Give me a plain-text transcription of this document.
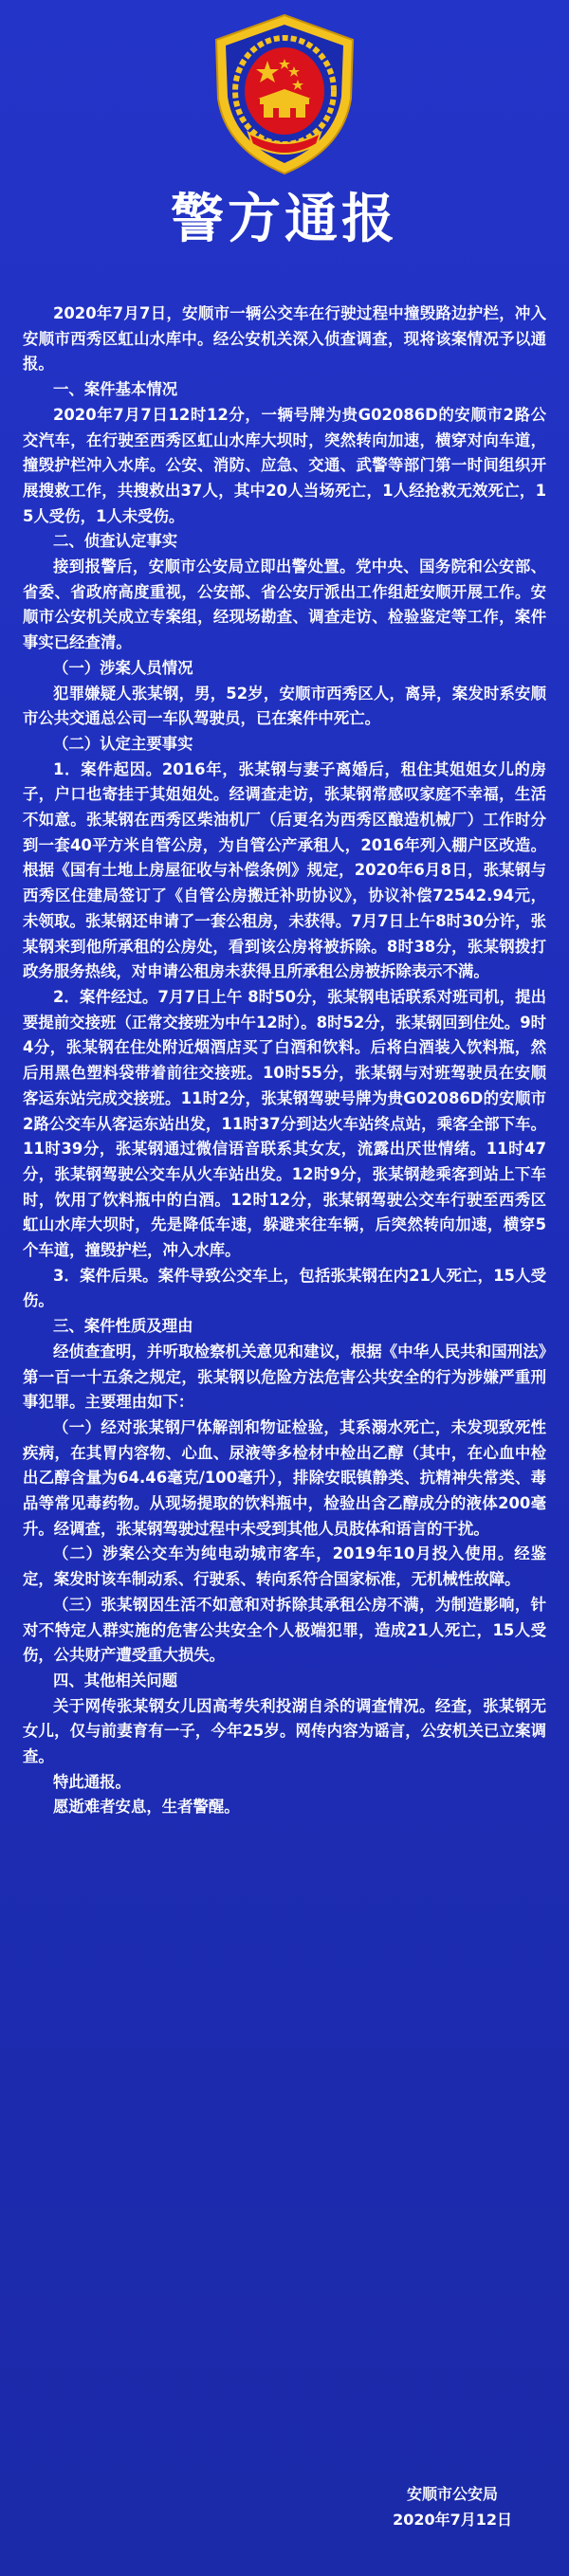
警方通报

2020年7月7日，安顺市一辆公交车在行驶过程中撞毁路边护栏，冲入安顺市西秀区虹山水库中。经公安机关深入侦查调查，现将该案情况予以通报。

一、案件基本情况

2020年7月7日12时12分，一辆号牌为贵G02086D的安顺市2路公交汽车，在行驶至西秀区虹山水库大坝时，突然转向加速，横穿对向车道，撞毁护栏冲入水库。公安、消防、应急、交通、武警等部门第一时间组织开展搜救工作，共搜救出37人，其中20人当场死亡，1人经抢救无效死亡，15人受伤，1人未受伤。

二、侦查认定事实

接到报警后，安顺市公安局立即出警处置。党中央、国务院和公安部、省委、省政府高度重视，公安部、省公安厅派出工作组赶安顺开展工作。安顺市公安机关成立专案组，经现场勘查、调查走访、检验鉴定等工作，案件事实已经查清。

（一）涉案人员情况

犯罪嫌疑人张某钢，男，52岁，安顺市西秀区人，离异，案发时系安顺市公共交通总公司一车队驾驶员，已在案件中死亡。

（二）认定主要事实

1．案件起因。2016年，张某钢与妻子离婚后，租住其姐姐女儿的房子，户口也寄挂于其姐姐处。经调查走访，张某钢常感叹家庭不幸福，生活不如意。张某钢在西秀区柴油机厂（后更名为西秀区酿造机械厂）工作时分到一套40平方米自管公房，为自管公产承租人，2016年列入棚户区改造。根据《国有土地上房屋征收与补偿条例》规定，2020年6月8日，张某钢与西秀区住建局签订了《自管公房搬迁补助协议》，协议补偿72542.94元，未领取。张某钢还申请了一套公租房，未获得。7月7日上午8时30分许，张某钢来到他所承租的公房处，看到该公房将被拆除。8时38分，张某钢拨打政务服务热线，对申请公租房未获得且所承租公房被拆除表示不满。

2．案件经过。7月7日上午 8时50分，张某钢电话联系对班司机，提出要提前交接班（正常交接班为中午12时）。8时52分，张某钢回到住处。9时4分，张某钢在住处附近烟酒店买了白酒和饮料。后将白酒装入饮料瓶，然后用黑色塑料袋带着前往交接班。10时55分，张某钢与对班驾驶员在安顺客运东站完成交接班。11时2分，张某钢驾驶号牌为贵G02086D的安顺市2路公交车从客运东站出发，11时37分到达火车站终点站，乘客全部下车。11时39分，张某钢通过微信语音联系其女友，流露出厌世情绪。11时47分，张某钢驾驶公交车从火车站出发。12时9分，张某钢趁乘客到站上下车时，饮用了饮料瓶中的白酒。12时12分，张某钢驾驶公交车行驶至西秀区虹山水库大坝时，先是降低车速，躲避来往车辆，后突然转向加速，横穿5个车道，撞毁护栏，冲入水库。

3．案件后果。案件导致公交车上，包括张某钢在内21人死亡，15人受伤。

三、案件性质及理由

经侦查查明，并听取检察机关意见和建议，根据《中华人民共和国刑法》第一百一十五条之规定，张某钢以危险方法危害公共安全的行为涉嫌严重刑事犯罪。主要理由如下：

（一）经对张某钢尸体解剖和物证检验，其系溺水死亡，未发现致死性疾病，在其胃内容物、心血、尿液等多检材中检出乙醇（其中，在心血中检出乙醇含量为64.46毫克/100毫升），排除安眠镇静类、抗精神失常类、毒品等常见毒药物。从现场提取的饮料瓶中，检验出含乙醇成分的液体200毫升。经调查，张某钢驾驶过程中未受到其他人员肢体和语言的干扰。

（二）涉案公交车为纯电动城市客车，2019年10月投入使用。经鉴定，案发时该车制动系、行驶系、转向系符合国家标准，无机械性故障。

（三）张某钢因生活不如意和对拆除其承租公房不满，为制造影响，针对不特定人群实施的危害公共安全个人极端犯罪，造成21人死亡，15人受伤，公共财产遭受重大损失。

四、其他相关问题

关于网传张某钢女儿因高考失利投湖自杀的调查情况。经查，张某钢无女儿，仅与前妻育有一子，今年25岁。网传内容为谣言，公安机关已立案调查。

特此通报。

愿逝难者安息，生者警醒。

安顺市公安局
2020年7月12日
